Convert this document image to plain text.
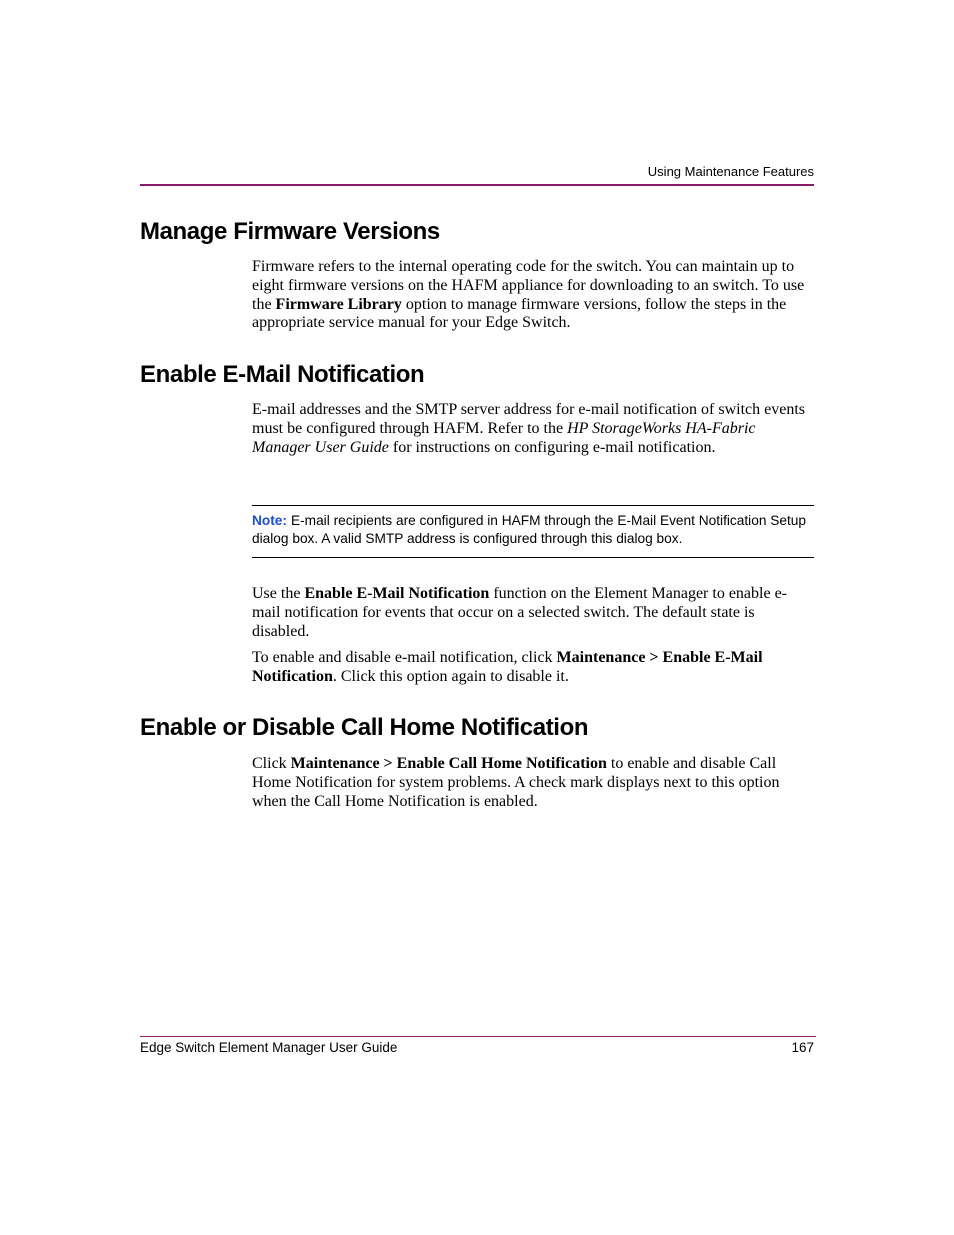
Using Maintenance Features
Manage Firmware Versions

Firmware refers to the internal operating code for the switch. You can maintain up to eight firmware versions on the HAFM appliance for downloading to an switch. To use the Firmware Library option to manage firmware versions, follow the steps in the appropriate service manual for your Edge Switch.

Enable E-Mail Notification

E-mail addresses and the SMTP server address for e-mail notification of switch events must be configured through HAFM. Refer to the HP StorageWorks HA-Fabric Manager User Guide for instructions on configuring e-mail notification.

Note: E-mail recipients are configured in HAFM through the E-Mail Event Notification Setup dialog box. A valid SMTP address is configured through this dialog box.

Use the Enable E-Mail Notification function on the Element Manager to enable e-mail notification for events that occur on a selected switch. The default state is disabled.

To enable and disable e-mail notification, click Maintenance > Enable E-Mail Notification. Click this option again to disable it.

Enable or Disable Call Home Notification

Click Maintenance > Enable Call Home Notification to enable and disable Call Home Notification for system problems. A check mark displays next to this option when the Call Home Notification is enabled.

Edge Switch Element Manager User Guide	167
